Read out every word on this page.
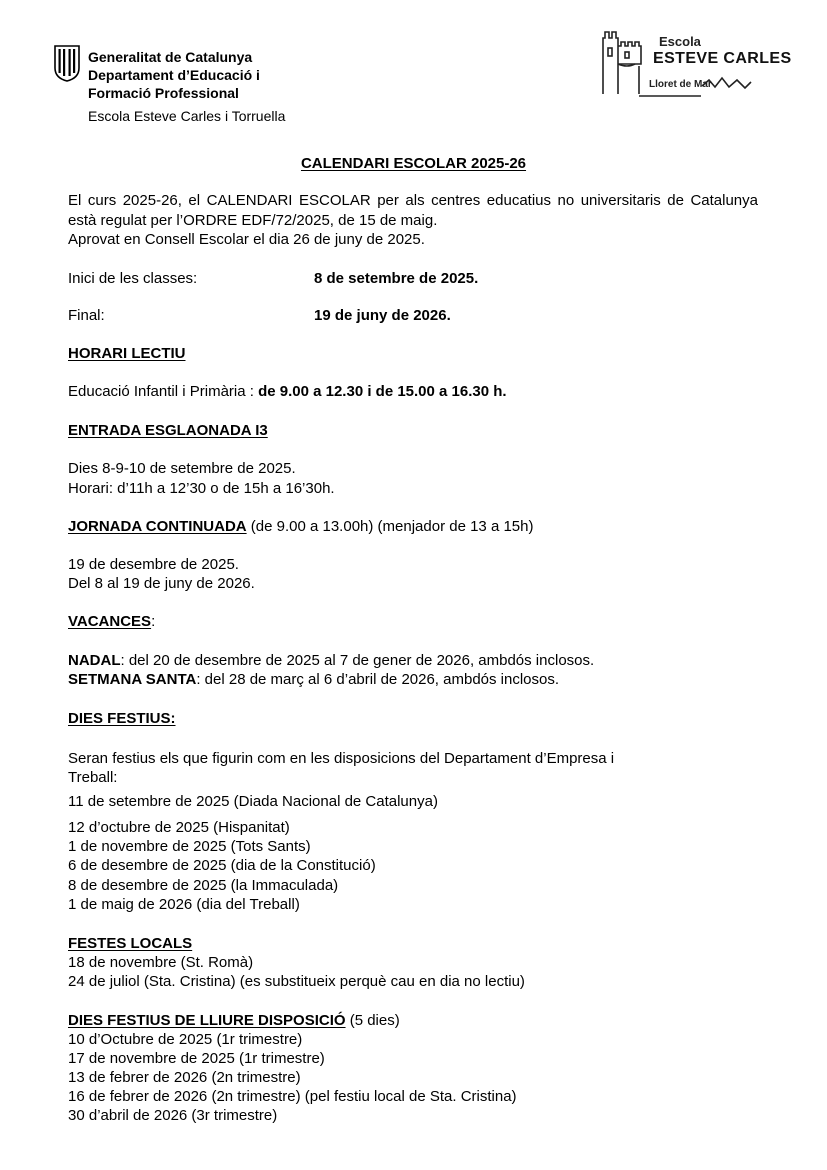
Generalitat de Catalunya
Departament d’Educació i
Formació Professional
Escola Esteve Carles i Torruella
Escola
ESTEVE CARLES
Lloret de Mar
CALENDARI ESCOLAR 2025-26
El curs 2025-26, el CALENDARI ESCOLAR per als centres educatius no universitaris de Catalunya està regulat per l’ORDRE EDF/72/2025, de 15 de maig.
Aprovat en Consell Escolar el dia 26 de juny de 2025.
Inici de les classes:	8 de setembre de 2025.
Final:	19 de juny de 2026.
HORARI LECTIU
Educació Infantil i Primària : de 9.00 a 12.30 i de 15.00 a 16.30 h.
ENTRADA ESGLAONADA I3
Dies 8-9-10 de setembre de 2025.
Horari: d’11h a 12’30 o de 15h a 16’30h.
JORNADA CONTINUADA (de 9.00 a 13.00h) (menjador de 13 a 15h)
19 de desembre de 2025.
Del 8 al 19 de juny de 2026.
VACANCES:
NADAL: del 20 de desembre de 2025 al 7 de gener de 2026, ambdós inclosos.
SETMANA SANTA: del 28 de març al 6 d’abril de 2026, ambdós inclosos.
DIES FESTIUS:
Seran festius els que figurin com en les disposicions del Departament d’Empresa i
Treball:
11 de setembre de 2025 (Diada Nacional de Catalunya)
12 d’octubre de 2025 (Hispanitat)
1 de novembre de 2025 (Tots Sants)
6 de desembre de 2025 (dia de la Constitució)
8 de desembre de 2025 (la Immaculada)
1 de maig de 2026 (dia del Treball)
FESTES LOCALS
18 de novembre (St. Romà)
24 de juliol (Sta. Cristina) (es substitueix perquè cau en dia no lectiu)
DIES FESTIUS DE LLIURE DISPOSICIÓ (5 dies)
10 d’Octubre de 2025 (1r trimestre)
17 de novembre de 2025 (1r trimestre)
13 de febrer de 2026 (2n trimestre)
16 de febrer de 2026 (2n trimestre) (pel festiu local de Sta. Cristina)
30 d’abril de 2026 (3r trimestre)
